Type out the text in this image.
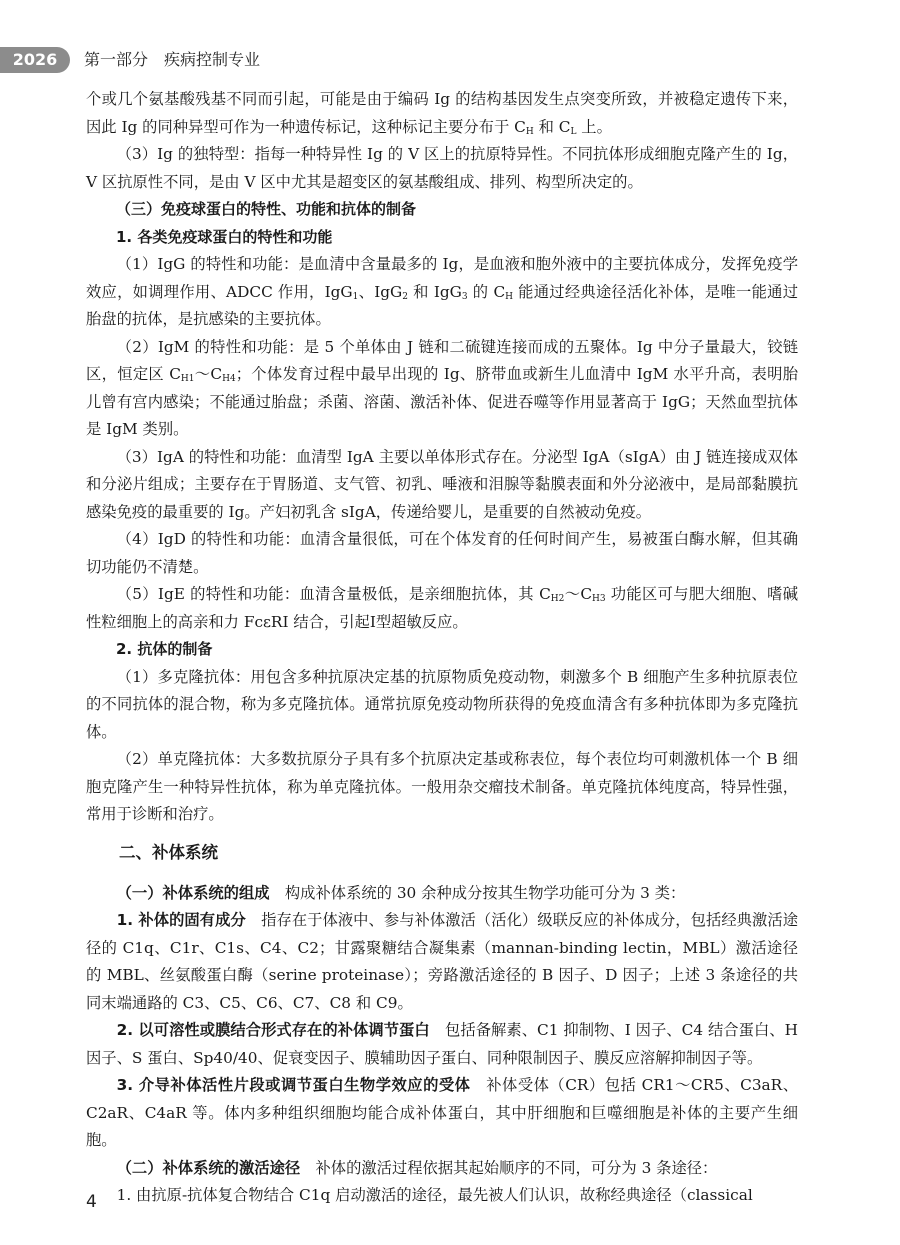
2026	第一部分　疾病控制专业

个或几个氨基酸残基不同而引起，可能是由于编码 Ig 的结构基因发生点突变所致，并被稳定遗传下来，因此 Ig 的同种异型可作为一种遗传标记，这种标记主要分布于 $C_H$ 和 $C_L$ 上。

（3）Ig 的独特型：指每一种特异性 Ig 的 V 区上的抗原特异性。不同抗体形成细胞克隆产生的 Ig，V 区抗原性不同，是由 V 区中尤其是超变区的氨基酸组成、排列、构型所决定的。

（三）免疫球蛋白的特性、功能和抗体的制备

1. 各类免疫球蛋白的特性和功能

（1）IgG 的特性和功能：是血清中含量最多的 Ig，是血液和胞外液中的主要抗体成分，发挥免疫学效应，如调理作用、ADCC 作用，IgG$_1$、IgG$_2$ 和 IgG$_3$ 的 $C_H$ 能通过经典途径活化补体，是唯一能通过胎盘的抗体，是抗感染的主要抗体。

（2）IgM 的特性和功能：是 5 个单体由 J 链和二硫键连接而成的五聚体。Ig 中分子量最大，铰链区，恒定区 $C_{H1}\sim C_{H4}$；个体发育过程中最早出现的 Ig、脐带血或新生儿血清中 IgM 水平升高，表明胎儿曾有宫内感染；不能通过胎盘；杀菌、溶菌、激活补体、促进吞噬等作用显著高于 IgG；天然血型抗体是 IgM 类别。

（3）IgA 的特性和功能：血清型 IgA 主要以单体形式存在。分泌型 IgA（sIgA）由 J 链连接成双体和分泌片组成；主要存在于胃肠道、支气管、初乳、唾液和泪腺等黏膜表面和外分泌液中，是局部黏膜抗感染免疫的最重要的 Ig。产妇初乳含 sIgA，传递给婴儿，是重要的自然被动免疫。

（4）IgD 的特性和功能：血清含量很低，可在个体发育的任何时间产生，易被蛋白酶水解，但其确切功能仍不清楚。

（5）IgE 的特性和功能：血清含量极低，是亲细胞抗体，其 $C_{H2}\sim C_{H3}$ 功能区可与肥大细胞、嗜碱性粒细胞上的高亲和力 FcεRI 结合，引起Ⅰ型超敏反应。

2. 抗体的制备

（1）多克隆抗体：用包含多种抗原决定基的抗原物质免疫动物，刺激多个 B 细胞产生多种抗原表位的不同抗体的混合物，称为多克隆抗体。通常抗原免疫动物所获得的免疫血清含有多种抗体即为多克隆抗体。

（2）单克隆抗体：大多数抗原分子具有多个抗原决定基或称表位，每个表位均可刺激机体一个 B 细胞克隆产生一种特异性抗体，称为单克隆抗体。一般用杂交瘤技术制备。单克隆抗体纯度高，特异性强，常用于诊断和治疗。

二、补体系统

（一）补体系统的组成　构成补体系统的 30 余种成分按其生物学功能可分为 3 类：

1. 补体的固有成分　指存在于体液中、参与补体激活（活化）级联反应的补体成分，包括经典激活途径的 C1q、C1r、C1s、C4、C2；甘露聚糖结合凝集素（mannan-binding lectin，MBL）激活途径的 MBL、丝氨酸蛋白酶（serine proteinase）；旁路激活途径的 B 因子、D 因子；上述 3 条途径的共同末端通路的 C3、C5、C6、C7、C8 和 C9。

2. 以可溶性或膜结合形式存在的补体调节蛋白　包括备解素、C1 抑制物、I 因子、C4 结合蛋白、H 因子、S 蛋白、Sp40/40、促衰变因子、膜辅助因子蛋白、同种限制因子、膜反应溶解抑制因子等。

3. 介导补体活性片段或调节蛋白生物学效应的受体　补体受体（CR）包括 CR1～CR5、C3aR、C2aR、C4aR 等。体内多种组织细胞均能合成补体蛋白，其中肝细胞和巨噬细胞是补体的主要产生细胞。

（二）补体系统的激活途径　补体的激活过程依据其起始顺序的不同，可分为 3 条途径：

1. 由抗原-抗体复合物结合 C1q 启动激活的途径，最先被人们认识，故称经典途径（classical

4
